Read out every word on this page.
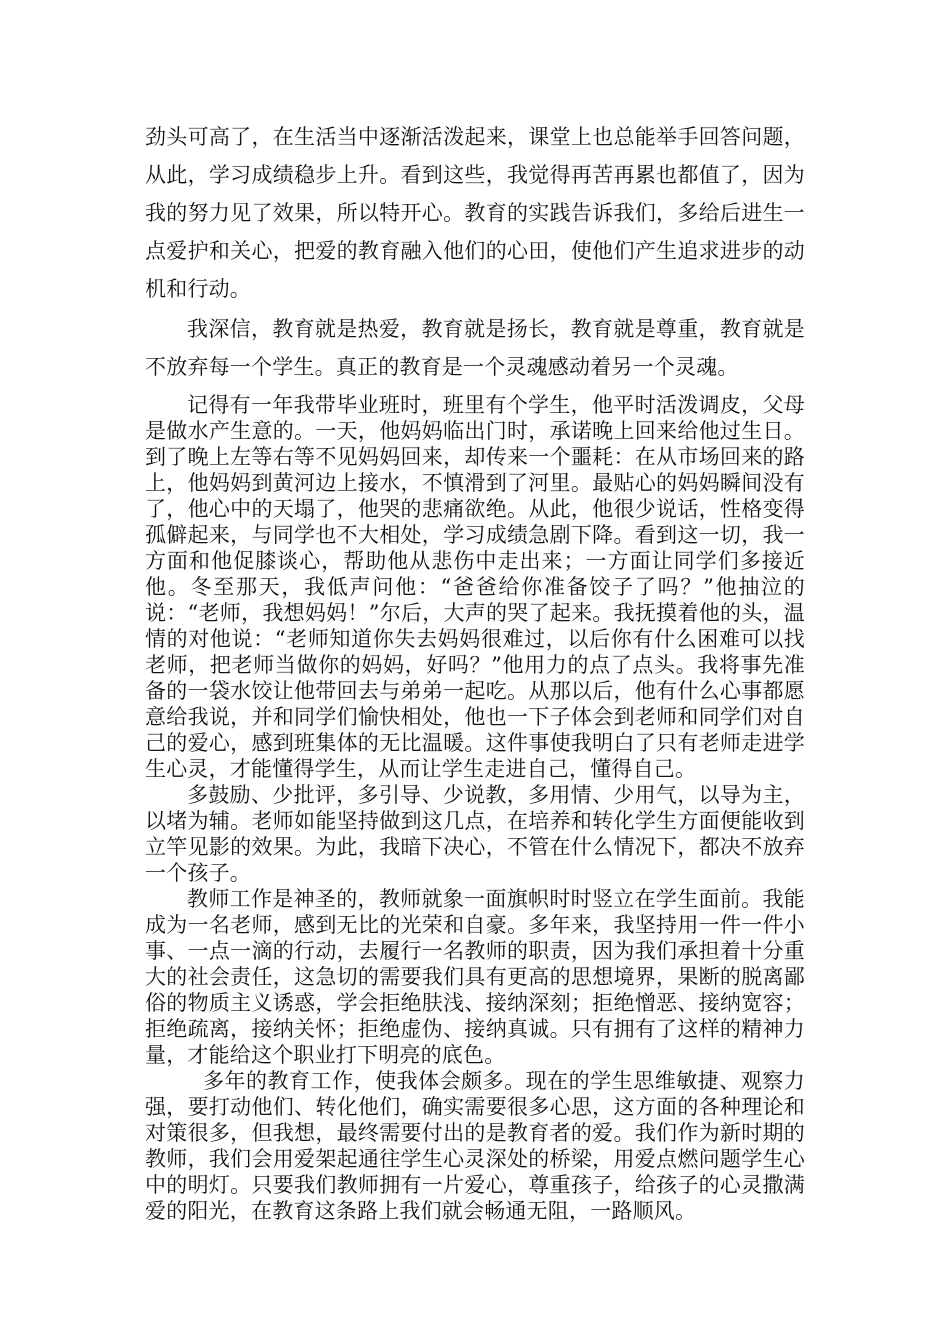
劲头可高了，在生活当中逐渐活泼起来，课堂上也总能举手回答问题，从此，学习成绩稳步上升。看到这些，我觉得再苦再累也都值了，因为我的努力见了效果，所以特开心。教育的实践告诉我们，多给后进生一点爱护和关心，把爱的教育融入他们的心田，使他们产生追求进步的动机和行动。

我深信，教育就是热爱，教育就是扬长，教育就是尊重，教育就是不放弃每一个学生。真正的教育是一个灵魂感动着另一个灵魂。

记得有一年我带毕业班时，班里有个学生，他平时活泼调皮，父母是做水产生意的。一天，他妈妈临出门时，承诺晚上回来给他过生日。到了晚上左等右等不见妈妈回来，却传来一个噩耗：在从市场回来的路上，他妈妈到黄河边上接水，不慎滑到了河里。最贴心的妈妈瞬间没有了，他心中的天塌了，他哭的悲痛欲绝。从此，他很少说话，性格变得孤僻起来，与同学也不大相处，学习成绩急剧下降。看到这一切，我一方面和他促膝谈心，帮助他从悲伤中走出来；一方面让同学们多接近他。冬至那天，我低声问他：“爸爸给你准备饺子了吗？”他抽泣的说：“老师，我想妈妈！”尔后，大声的哭了起来。我抚摸着他的头，温情的对他说：“老师知道你失去妈妈很难过，以后你有什么困难可以找老师，把老师当做你的妈妈，好吗？”他用力的点了点头。我将事先准备的一袋水饺让他带回去与弟弟一起吃。从那以后，他有什么心事都愿意给我说，并和同学们愉快相处，他也一下子体会到老师和同学们对自己的爱心，感到班集体的无比温暖。这件事使我明白了只有老师走进学生心灵，才能懂得学生，从而让学生走进自己，懂得自己。

多鼓励、少批评，多引导、少说教，多用情、少用气，以导为主，以堵为辅。老师如能坚持做到这几点，在培养和转化学生方面便能收到立竿见影的效果。为此，我暗下决心，不管在什么情况下，都决不放弃一个孩子。

教师工作是神圣的，教师就象一面旗帜时时竖立在学生面前。我能成为一名老师，感到无比的光荣和自豪。多年来，我坚持用一件一件小事、一点一滴的行动，去履行一名教师的职责，因为我们承担着十分重大的社会责任，这急切的需要我们具有更高的思想境界，果断的脱离鄙俗的物质主义诱惑，学会拒绝肤浅、接纳深刻；拒绝憎恶、接纳宽容；拒绝疏离，接纳关怀；拒绝虚伪、接纳真诚。只有拥有了这样的精神力量，才能给这个职业打下明亮的底色。

多年的教育工作，使我体会颇多。现在的学生思维敏捷、观察力强，要打动他们、转化他们，确实需要很多心思，这方面的各种理论和对策很多，但我想，最终需要付出的是教育者的爱。我们作为新时期的教师，我们会用爱架起通往学生心灵深处的桥梁，用爱点燃问题学生心中的明灯。只要我们教师拥有一片爱心，尊重孩子，给孩子的心灵撒满爱的阳光，在教育这条路上我们就会畅通无阻，一路顺风。
